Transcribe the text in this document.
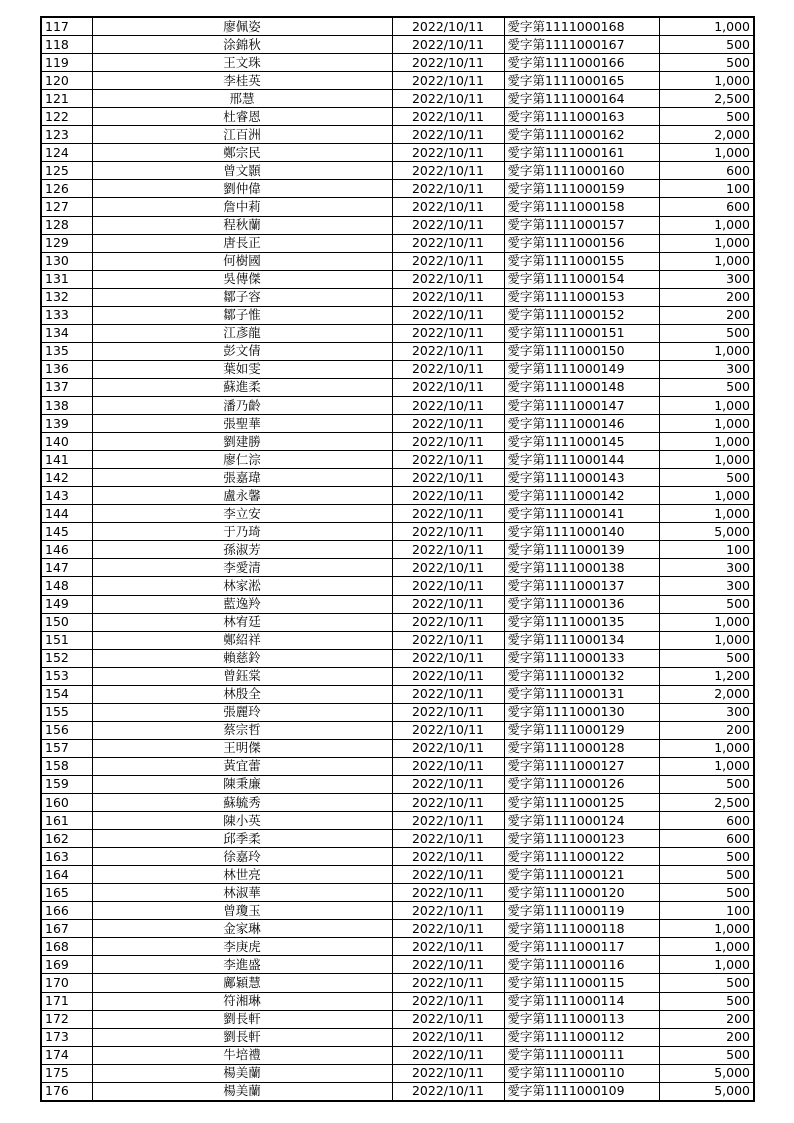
117	廖佩姿	2022/10/11	愛字第1111000168	1,000
118	涂錦秋	2022/10/11	愛字第1111000167	500
119	王文珠	2022/10/11	愛字第1111000166	500
120	李桂英	2022/10/11	愛字第1111000165	1,000
121	邢慧	2022/10/11	愛字第1111000164	2,500
122	杜睿恩	2022/10/11	愛字第1111000163	500
123	江百洲	2022/10/11	愛字第1111000162	2,000
124	鄭宗民	2022/10/11	愛字第1111000161	1,000
125	曾文顥	2022/10/11	愛字第1111000160	600
126	劉仲偉	2022/10/11	愛字第1111000159	100
127	詹中莉	2022/10/11	愛字第1111000158	600
128	程秋蘭	2022/10/11	愛字第1111000157	1,000
129	唐長正	2022/10/11	愛字第1111000156	1,000
130	何樹國	2022/10/11	愛字第1111000155	1,000
131	吳傳傑	2022/10/11	愛字第1111000154	300
132	鄒子容	2022/10/11	愛字第1111000153	200
133	鄒子惟	2022/10/11	愛字第1111000152	200
134	江彥龍	2022/10/11	愛字第1111000151	500
135	彭文倩	2022/10/11	愛字第1111000150	1,000
136	葉如雯	2022/10/11	愛字第1111000149	300
137	蘇進柔	2022/10/11	愛字第1111000148	500
138	潘乃齡	2022/10/11	愛字第1111000147	1,000
139	張聖華	2022/10/11	愛字第1111000146	1,000
140	劉建勝	2022/10/11	愛字第1111000145	1,000
141	廖仁淙	2022/10/11	愛字第1111000144	1,000
142	張嘉瑋	2022/10/11	愛字第1111000143	500
143	盧永馨	2022/10/11	愛字第1111000142	1,000
144	李立安	2022/10/11	愛字第1111000141	1,000
145	于乃琦	2022/10/11	愛字第1111000140	5,000
146	孫淑芳	2022/10/11	愛字第1111000139	100
147	李愛清	2022/10/11	愛字第1111000138	300
148	林家淞	2022/10/11	愛字第1111000137	300
149	藍逸羚	2022/10/11	愛字第1111000136	500
150	林宥廷	2022/10/11	愛字第1111000135	1,000
151	鄭紹祥	2022/10/11	愛字第1111000134	1,000
152	賴慈鈴	2022/10/11	愛字第1111000133	500
153	曾鈺棠	2022/10/11	愛字第1111000132	1,200
154	林殷全	2022/10/11	愛字第1111000131	2,000
155	張麗玲	2022/10/11	愛字第1111000130	300
156	蔡宗哲	2022/10/11	愛字第1111000129	200
157	王明傑	2022/10/11	愛字第1111000128	1,000
158	黃宜蕾	2022/10/11	愛字第1111000127	1,000
159	陳秉廉	2022/10/11	愛字第1111000126	500
160	蘇毓秀	2022/10/11	愛字第1111000125	2,500
161	陳小英	2022/10/11	愛字第1111000124	600
162	邱季柔	2022/10/11	愛字第1111000123	600
163	徐嘉玲	2022/10/11	愛字第1111000122	500
164	林世亮	2022/10/11	愛字第1111000121	500
165	林淑華	2022/10/11	愛字第1111000120	500
166	曾瓊玉	2022/10/11	愛字第1111000119	100
167	金家琳	2022/10/11	愛字第1111000118	1,000
168	李庚虎	2022/10/11	愛字第1111000117	1,000
169	李進盛	2022/10/11	愛字第1111000116	1,000
170	鄺穎慧	2022/10/11	愛字第1111000115	500
171	符湘琳	2022/10/11	愛字第1111000114	500
172	劉長軒	2022/10/11	愛字第1111000113	200
173	劉長軒	2022/10/11	愛字第1111000112	200
174	牛培禮	2022/10/11	愛字第1111000111	500
175	楊美蘭	2022/10/11	愛字第1111000110	5,000
176	楊美蘭	2022/10/11	愛字第1111000109	5,000
